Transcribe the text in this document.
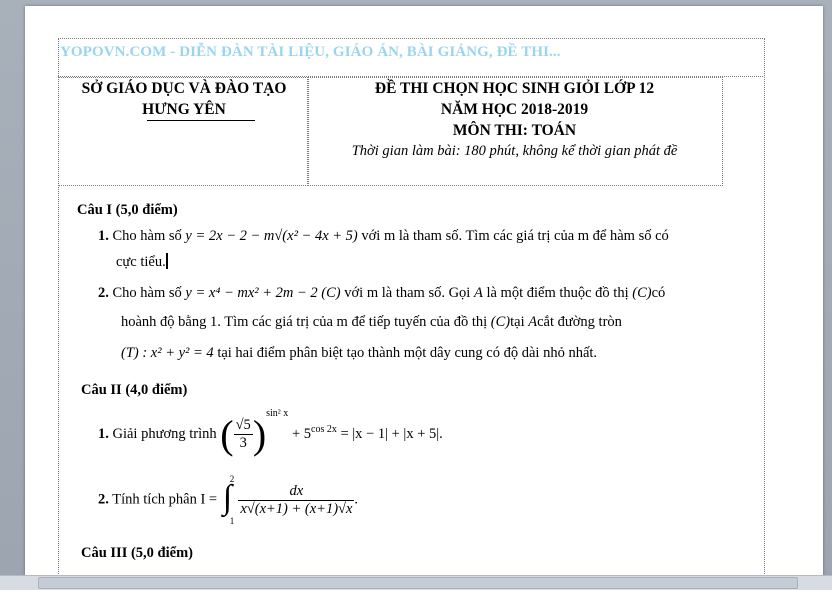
YOPOVN.COM - DIỄN ĐÀN TÀI LIỆU, GIÁO ÁN, BÀI GIẢNG, ĐỀ THI...
SỞ GIÁO DỤC VÀ ĐÀO TẠO
HƯNG YÊN
ĐỀ THI CHỌN HỌC SINH GIỎI LỚP 12
NĂM HỌC 2018-2019
MÔN THI: TOÁN
Thời gian làm bài: 180 phút, không kể thời gian phát đề
Câu I (5,0 điểm)
1. Cho hàm số y = 2x − 2 − m√(x² − 4x + 5) với m là tham số. Tìm các giá trị của m để hàm số có
cực tiểu.
2. Cho hàm số y = x⁴ − mx² + 2m − 2 (C) với m là tham số. Gọi A là một điểm thuộc đồ thị (C)có
hoành độ bằng 1. Tìm các giá trị của m để tiếp tuyến của đồ thị (C)tại Acắt đường tròn
(T) : x² + y² = 4 tại hai điểm phân biệt tạo thành một dây cung có độ dài nhỏ nhất.
Câu II (4,0 điểm)
1. Giải phương trình ( $\frac{√5}{3} )^{sin^2 x} + 5^{cos 2x} = |x - 1| + |x + 5|$.
2. Tính tích phân I = ∫
2
1

$\frac{dx}{x√(x+1) + (x+1)√x}$ .
Câu III (5,0 điểm)
